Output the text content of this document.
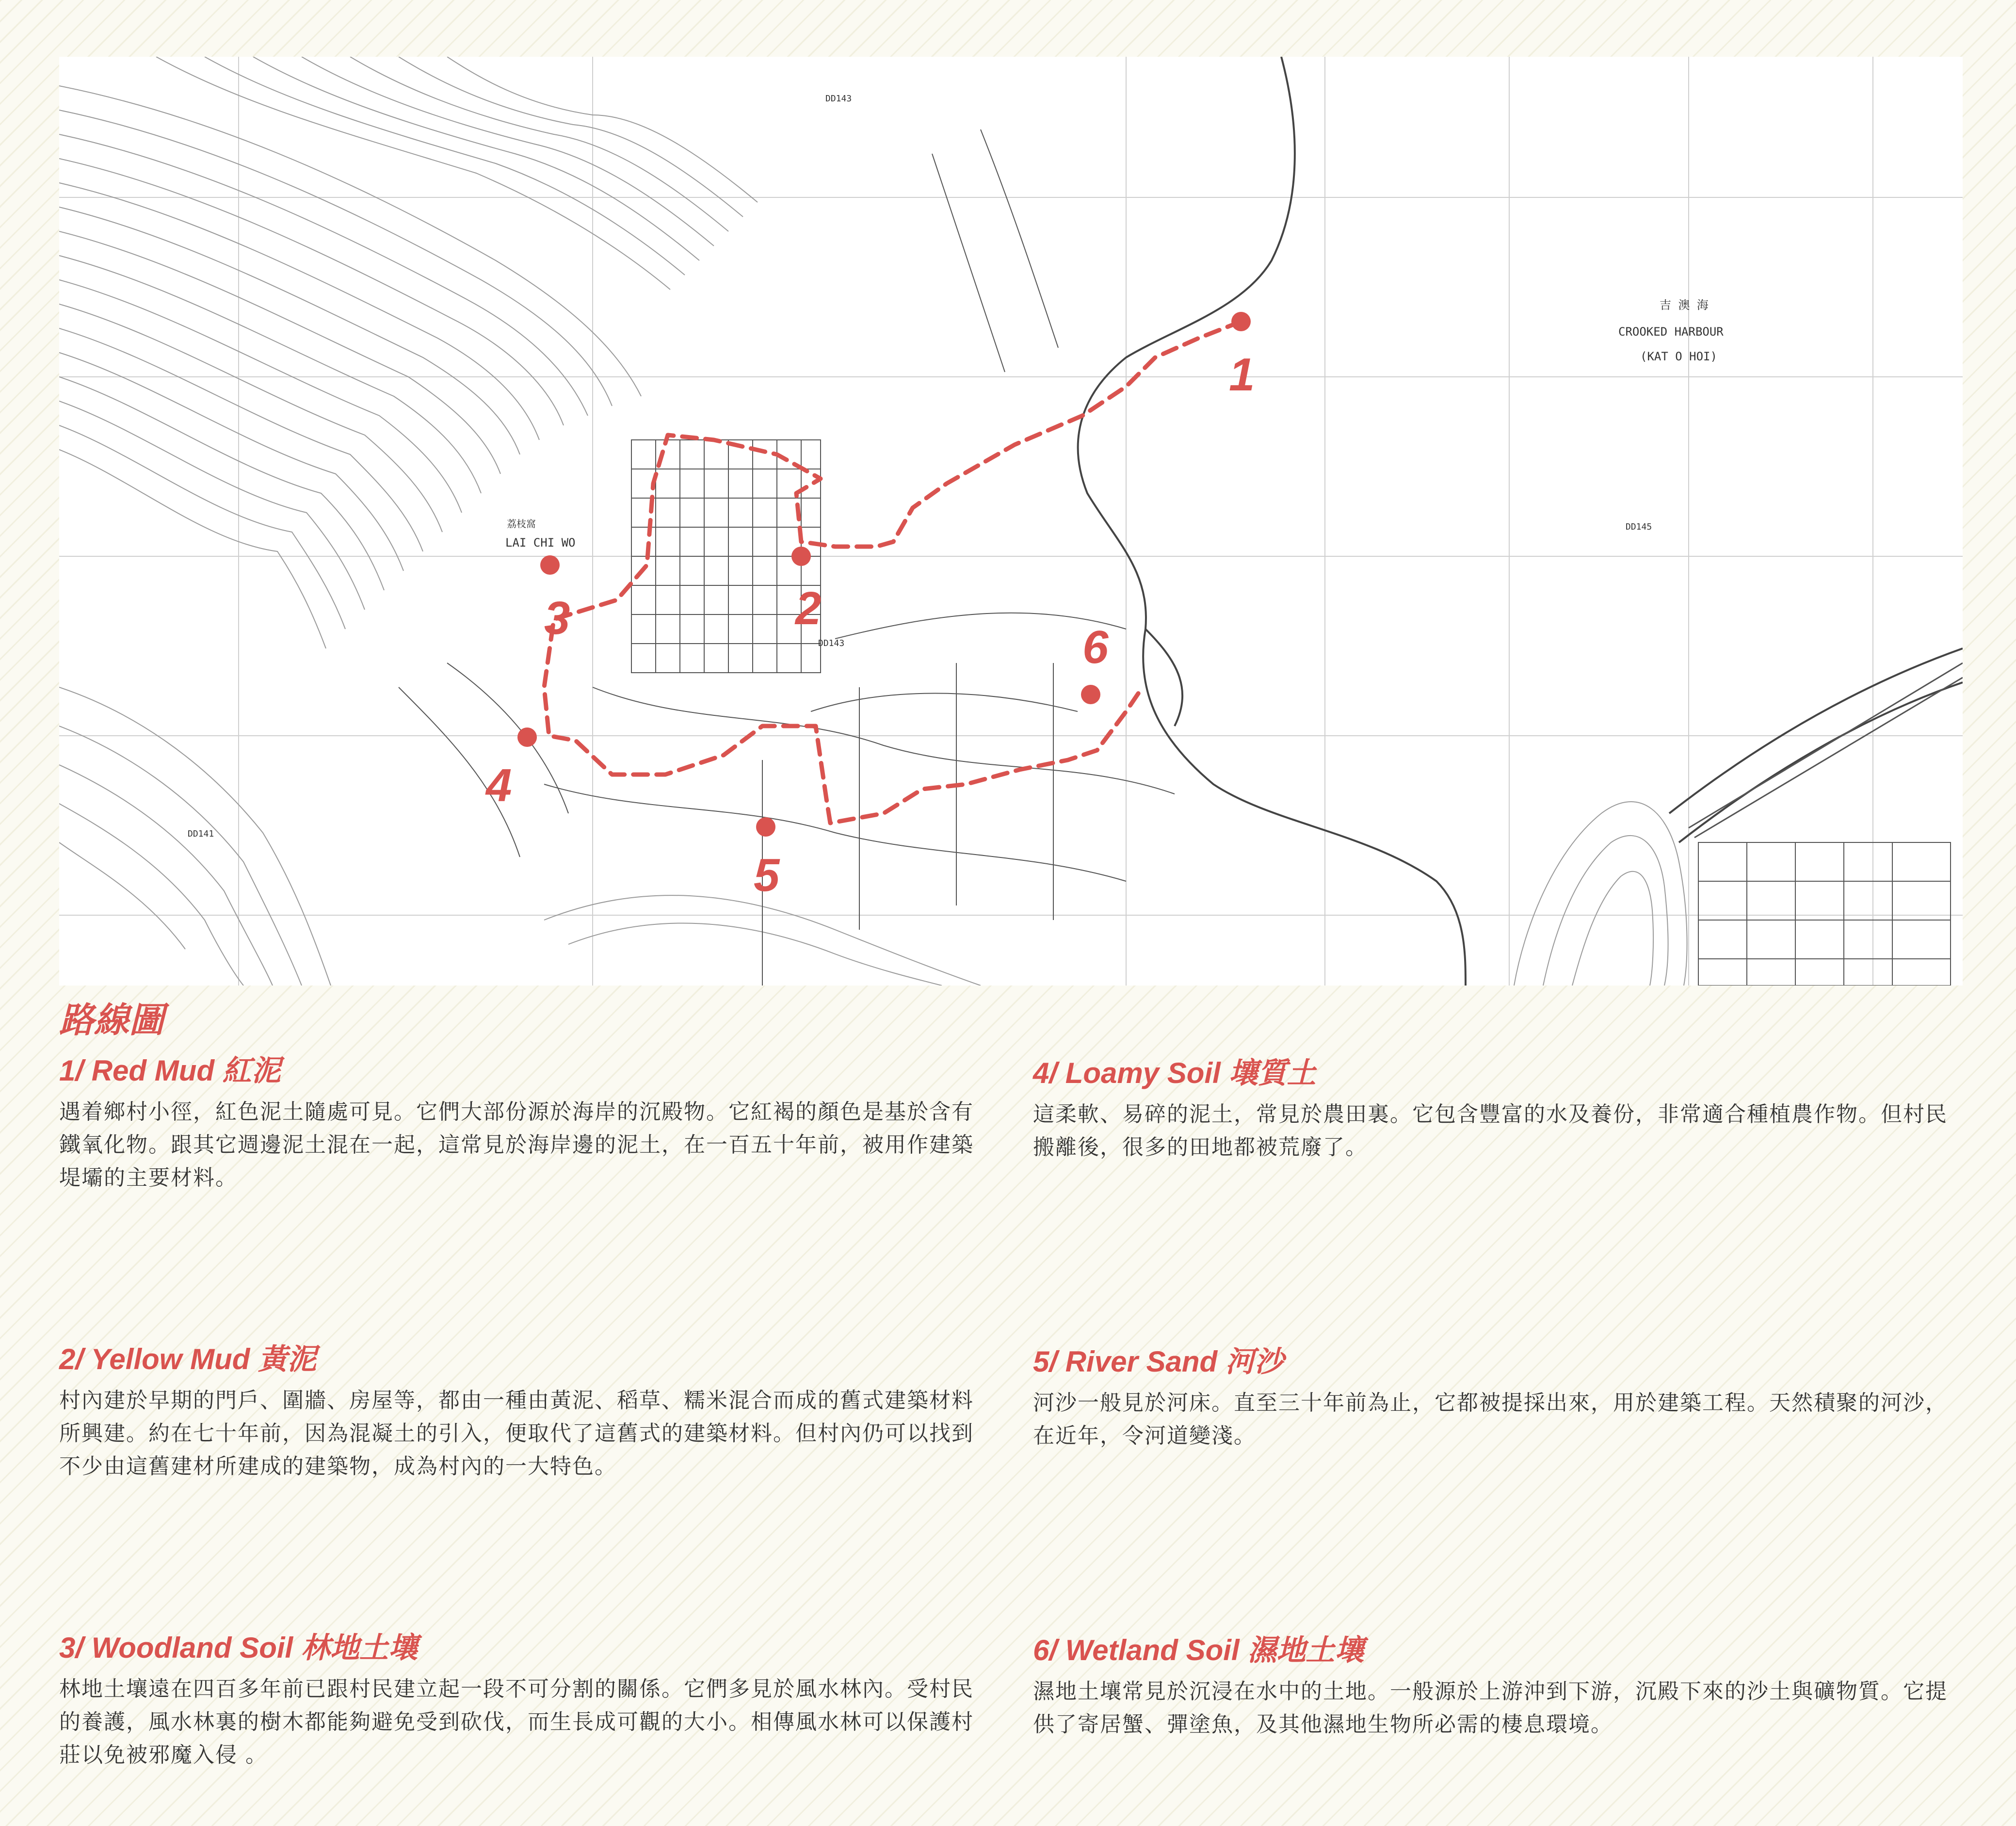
1
2
3
4
5
6
吉 澳 海
CROOKED HARBOUR
(KAT O HOI)
荔枝窩
LAI CHI WO
DD143
DD145
DD143
DD141
路線圖
1/ Red Mud 紅泥

遇着鄉村小徑，紅色泥土隨處可見。它們大部份源於海岸的沉殿物。它紅褐的顏色是基於含有鐵氧化物。跟其它週邊泥土混在一起，這常見於海岸邊的泥土，在一百五十年前，被用作建築堤壩的主要材料。

4/ Loamy Soil 壤質土

這柔軟、易碎的泥土，常見於農田裏。它包含豐富的水及養份，非常適合種植農作物。但村民搬離後，很多的田地都被荒廢了。

2/ Yellow Mud 黃泥

村內建於早期的門戶、圍牆、房屋等，都由一種由黃泥、稻草、糯米混合而成的舊式建築材料所興建。約在七十年前，因為混凝土的引入，便取代了這舊式的建築材料。但村內仍可以找到不少由這舊建材所建成的建築物，成為村內的一大特色。

5/ River Sand 河沙

河沙一般見於河床。直至三十年前為止，它都被提採出來，用於建築工程。天然積聚的河沙，在近年，令河道變淺。

3/ Woodland Soil 林地土壤

林地土壤遠在四百多年前已跟村民建立起一段不可分割的關係。它們多見於風水林內。受村民的養護，風水林裏的樹木都能夠避免受到砍伐，而生長成可觀的大小。相傳風水林可以保護村莊以免被邪魔入侵 。

6/ Wetland Soil 濕地土壤

濕地土壤常見於沉浸在水中的土地。一般源於上游沖到下游，沉殿下來的沙土與礦物質。它提供了寄居蟹、彈塗魚，及其他濕地生物所必需的棲息環境。
